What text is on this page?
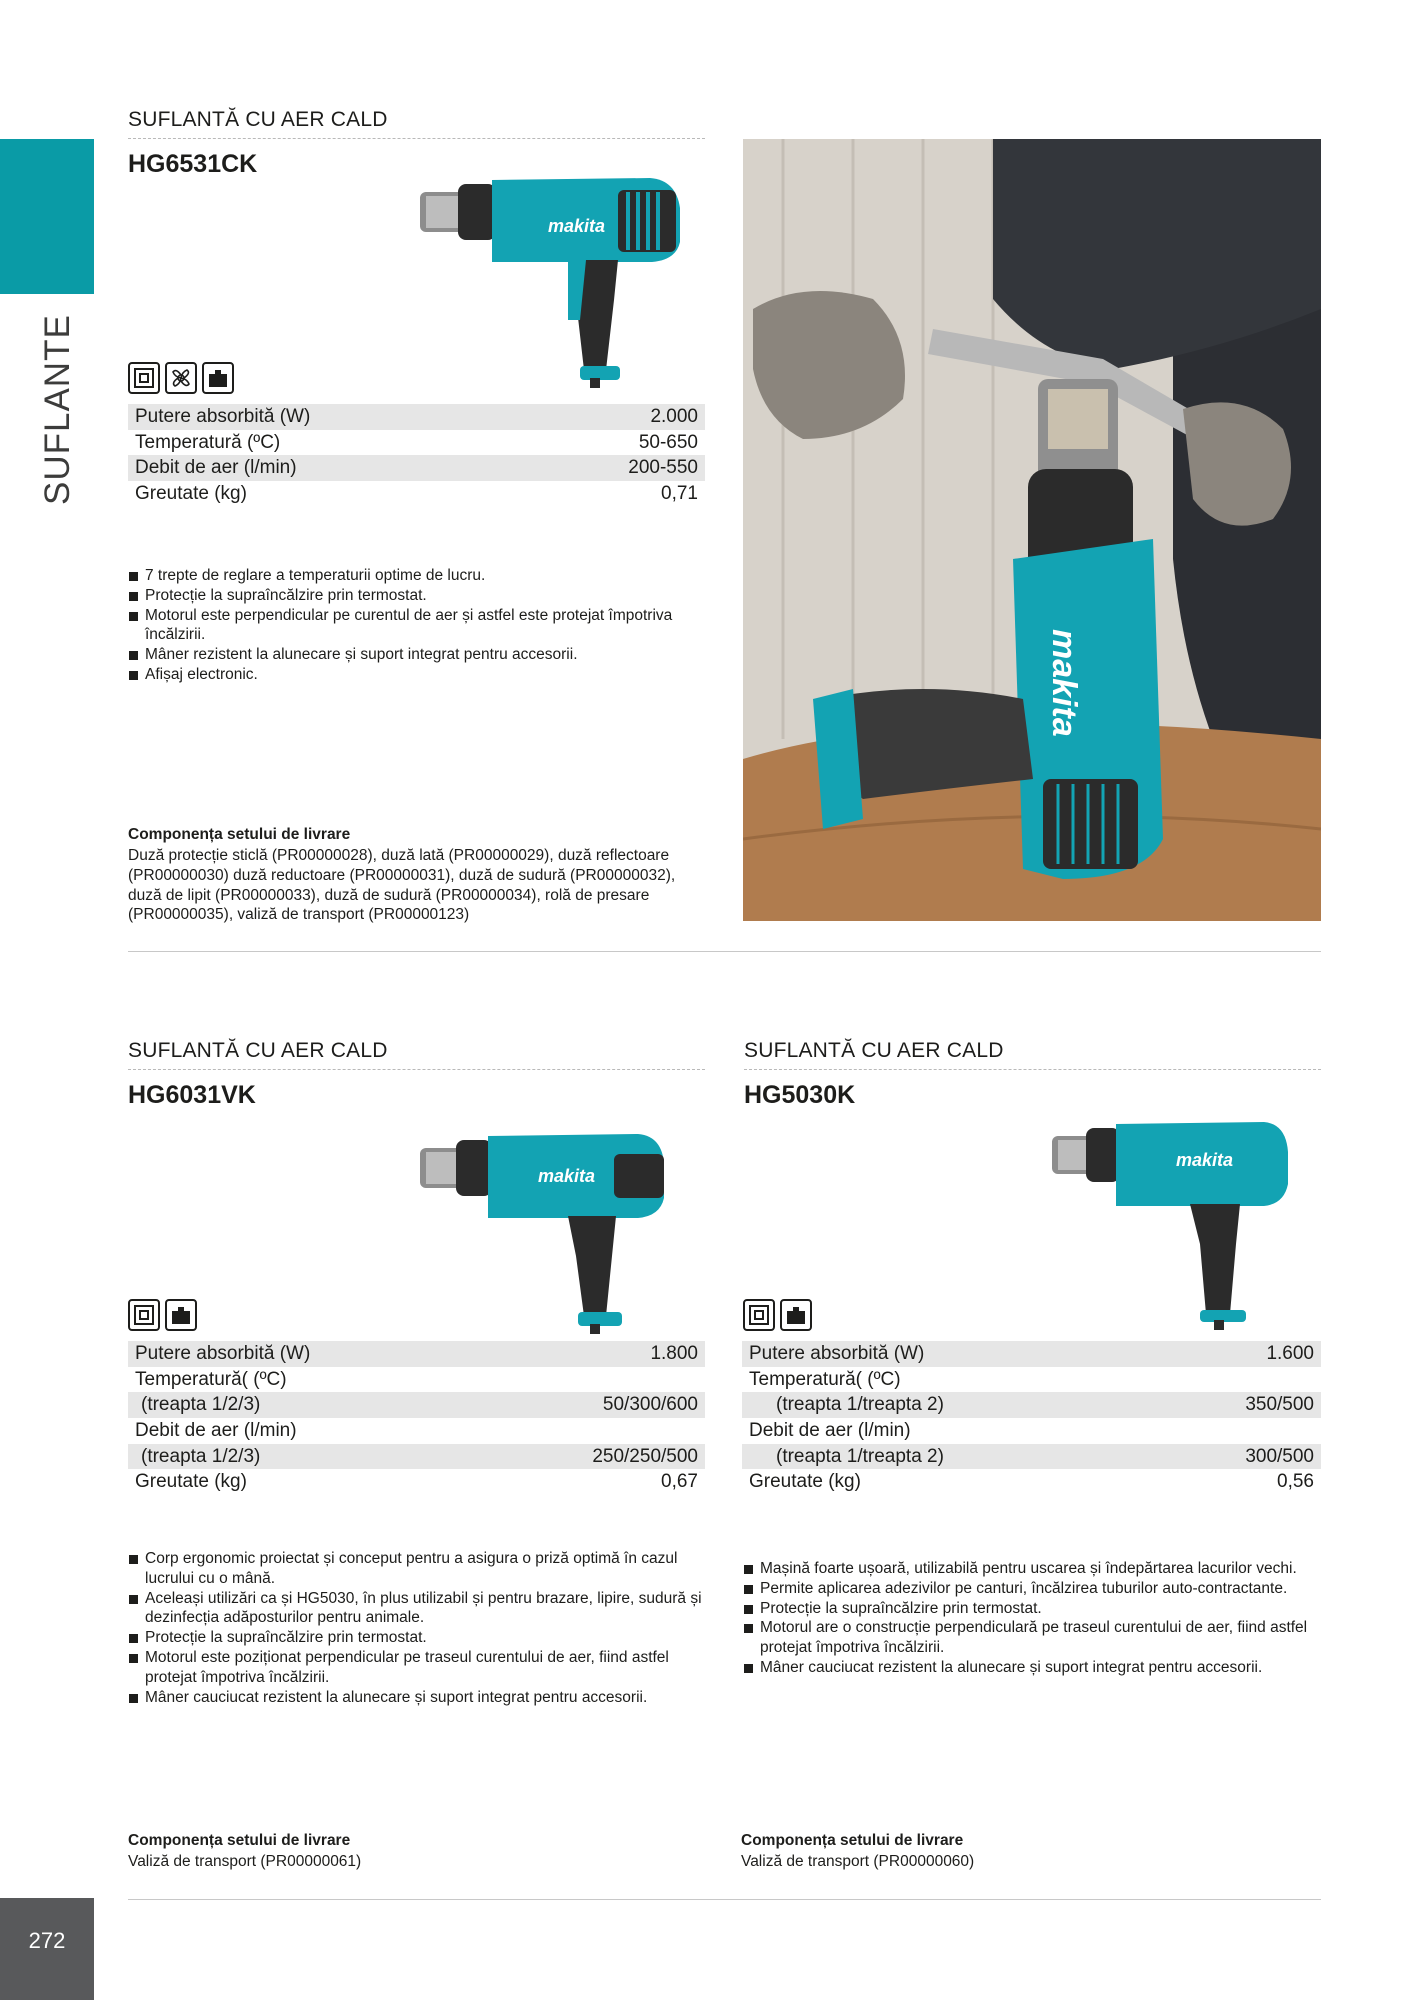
SUFLANTE
272
SUFLANTĂ CU AER CALD
HG6531CK
makita
Putere absorbită (W)	2.000
Temperatură (ºC)	50-650
Debit de aer (l/min)	200-550
Greutate (kg)	0,71
7 trepte de reglare a temperaturii optime de lucru.
Protecție la supraîncălzire prin termostat.
Motorul este perpendicular pe curentul de aer și astfel este protejat împotriva încălzirii.
Mâner rezistent la alunecare și suport integrat pentru accesorii.
Afișaj electronic.
Componența setului de livrare
Duză protecție sticlă (PR00000028), duză lată (PR00000029), duză reflectoare (PR00000030) duză reductoare (PR00000031), duză de sudură (PR00000032), duză de lipit (PR00000033), duză de sudură (PR00000034), rolă de presare (PR00000035), valiză de transport (PR00000123)
makita
SUFLANTĂ CU AER CALD
HG6031VK
makita
Putere absorbită (W)	1.800
Temperatură( (ºC)
(treapta 1/2/3)	50/300/600
Debit de aer (l/min)
(treapta 1/2/3)	250/250/500
Greutate (kg)	0,67
Corp ergonomic proiectat și conceput pentru a asigura o priză optimă în cazul lucrului cu o mână.
Aceleași utilizări ca și HG5030, în plus utilizabil și pentru brazare, lipire, sudură și dezinfecția adăposturilor pentru animale.
Protecție la supraîncălzire prin termostat.
Motorul este poziționat perpendicular pe traseul curentului de aer, fiind astfel protejat împotriva încălzirii.
Mâner cauciucat rezistent la alunecare și suport integrat pentru accesorii.
Componența setului de livrare
Valiză de transport (PR00000061)
SUFLANTĂ CU AER CALD
HG5030K
makita
Putere absorbită (W)	1.600
Temperatură( (ºC)
(treapta 1/treapta 2)	350/500
Debit de aer (l/min)
(treapta 1/treapta 2)	300/500
Greutate (kg)	0,56
Mașină foarte ușoară, utilizabilă pentru uscarea și îndepărtarea lacurilor vechi.
Permite aplicarea adezivilor pe canturi, încălzirea tuburilor auto-contractante.
Protecție la supraîncălzire prin termostat.
Motorul are o construcție perpendiculară pe traseul curentului de aer, fiind astfel protejat împotriva încălzirii.
Mâner cauciucat rezistent la alunecare și suport integrat pentru accesorii.
Componența setului de livrare
Valiză de transport (PR00000060)
